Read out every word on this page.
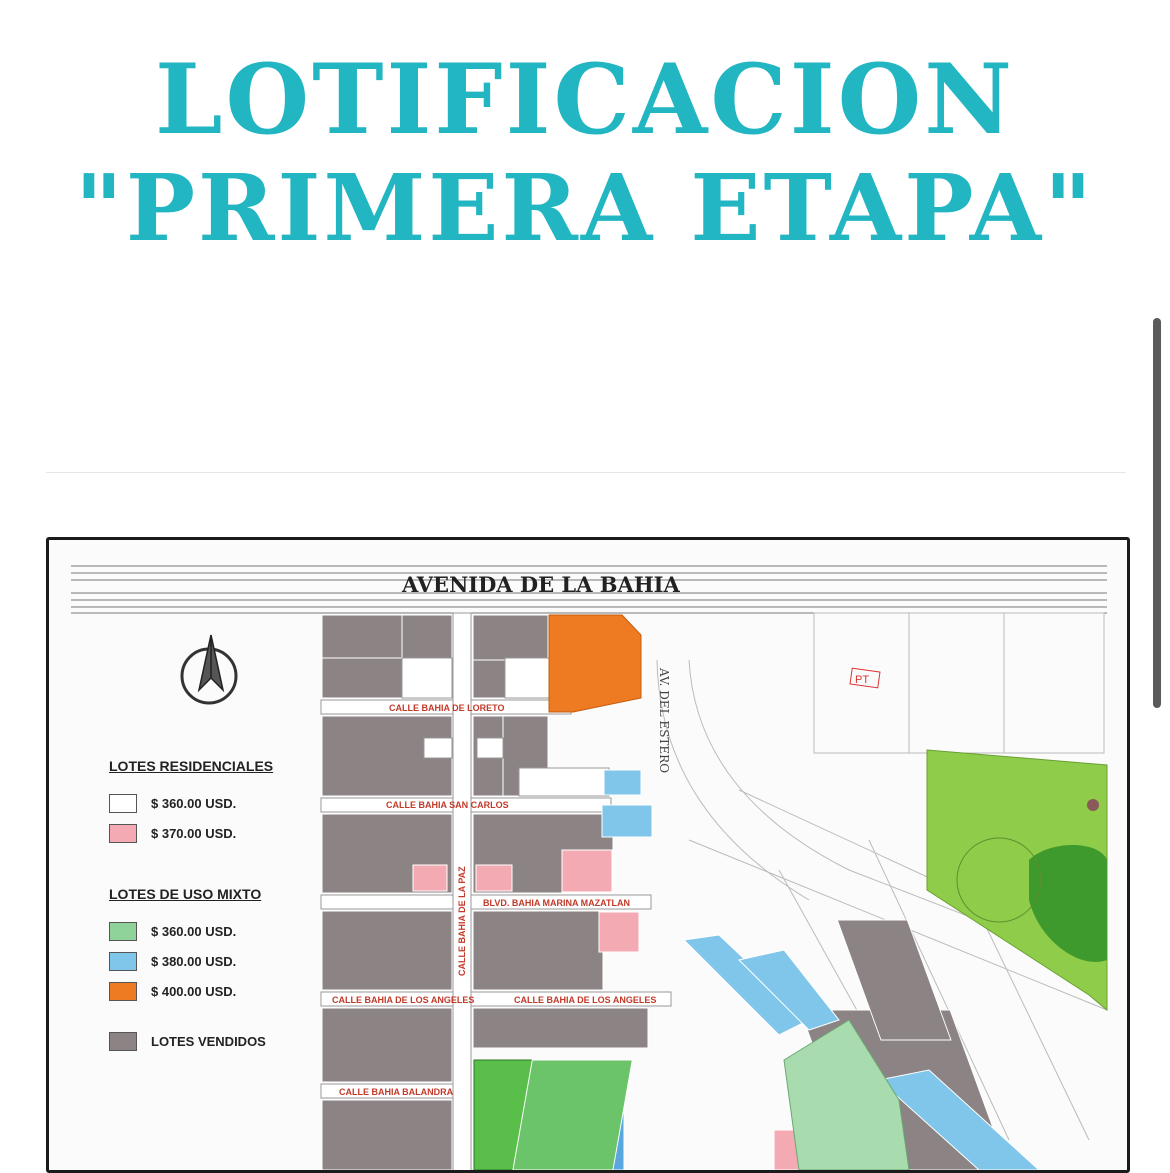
LOTIFICACION
"PRIMERA ETAPA"
AVENIDA DE LA BAHIA
PT
CALLE BAHIA DE LORETO
CALLE BAHIA SAN CARLOS
BLVD. BAHIA MARINA MAZATLAN
CALLE BAHIA DE LOS ANGELES	CALLE BAHIA DE LOS ANGELES
CALLE BAHIA BALANDRA
CALLE BAHIA DE LA PAZ
AV. DEL ESTERO
LOTES RESIDENCIALES
$ 360.00 USD.
$ 370.00 USD.
LOTES DE USO MIXTO
$ 360.00 USD.
$ 380.00 USD.
$ 400.00 USD.
LOTES VENDIDOS
